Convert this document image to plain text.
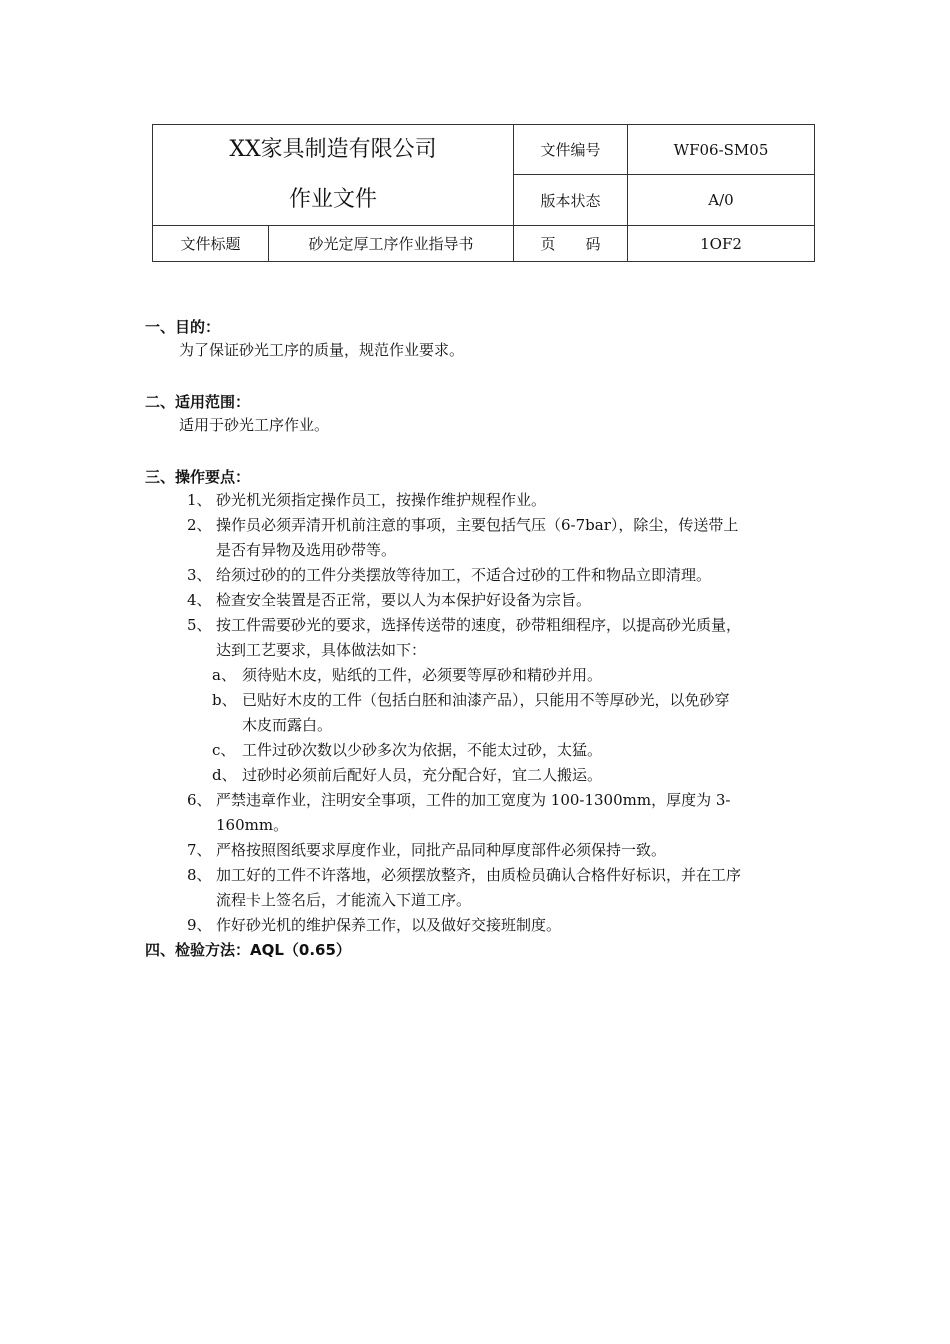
XX家具制造有限公司
作业文件		文件编号	WF06-SM05
		版本状态	A/0
文件标题	砂光定厚工序作业指导书	页　　码	1OF2
一、目的：
为了保证砂光工序的质量，规范作业要求。
二、适用范围：
适用于砂光工序作业。
三、操作要点：
1、 砂光机光须指定操作员工，按操作维护规程作业。
2、 操作员必须弄清开机前注意的事项，主要包括气压（6-7bar），除尘，传送带上
是否有异物及选用砂带等。
3、 给须过砂的的工件分类摆放等待加工，不适合过砂的工件和物品立即清理。
4、 检查安全装置是否正常，要以人为本保护好设备为宗旨。
5、 按工件需要砂光的要求，选择传送带的速度，砂带粗细程序，以提高砂光质量，
达到工艺要求，具体做法如下：
a、 须待贴木皮，贴纸的工件，必须要等厚砂和精砂并用。
b、 已贴好木皮的工件（包括白胚和油漆产品），只能用不等厚砂光，以免砂穿
木皮而露白。
c、 工件过砂次数以少砂多次为依据，不能太过砂，太猛。
d、 过砂时必须前后配好人员，充分配合好，宜二人搬运。
6、 严禁违章作业，注明安全事项，工件的加工宽度为 100-1300mm，厚度为 3-
160mm。
7、 严格按照图纸要求厚度作业，同批产品同种厚度部件必须保持一致。
8、 加工好的工件不许落地，必须摆放整齐，由质检员确认合格件好标识，并在工序
流程卡上签名后，才能流入下道工序。
9、 作好砂光机的维护保养工作，以及做好交接班制度。
四、检验方法：AQL（0.65）
